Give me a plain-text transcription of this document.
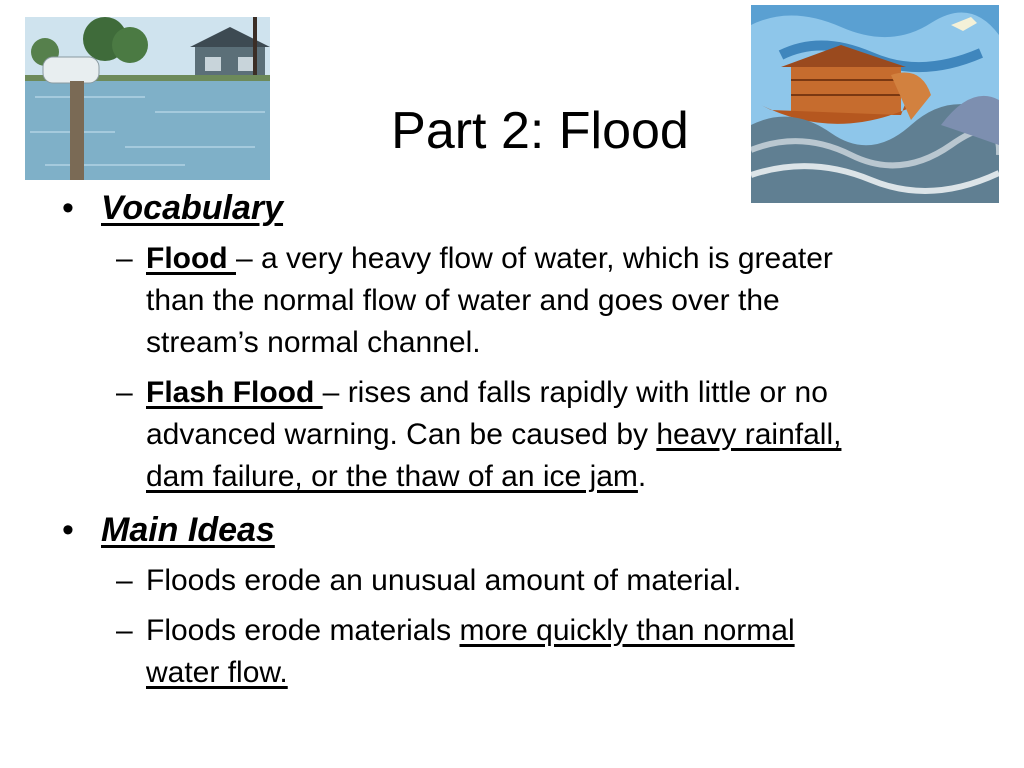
Part 2: Flood

• Vocabulary

– Flood – a very heavy flow of water, which is greater than the normal flow of water and goes over the stream’s normal channel.

– Flash Flood – rises and falls rapidly with little or no advanced warning. Can be caused by heavy rainfall, dam failure, or the thaw of an ice jam.

• Main Ideas

– Floods erode an unusual amount of material.

– Floods erode materials more quickly than normal water flow.
